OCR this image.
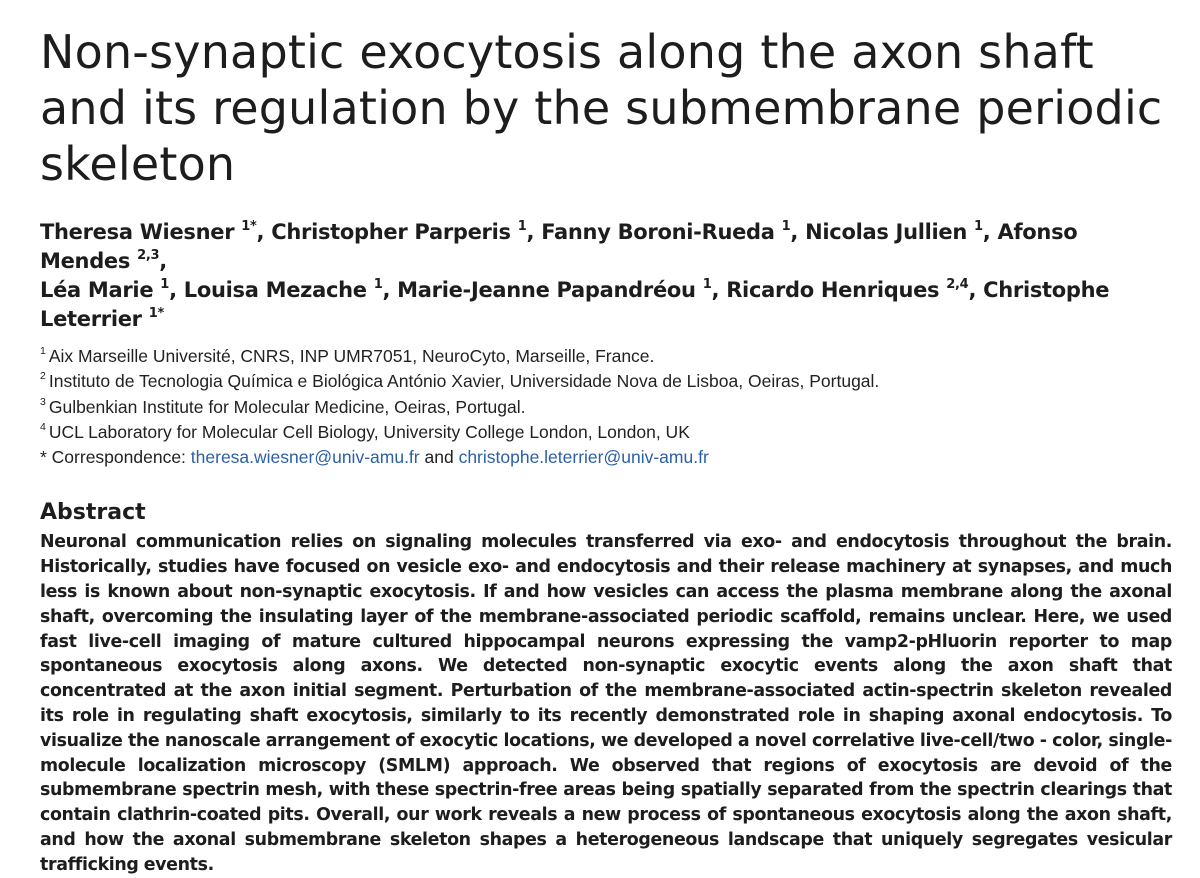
Non-synaptic exocytosis along the axon shaft and its regulation by the submembrane periodic skeleton
Theresa Wiesner $^{1*}$, Christopher Parperis $^1$, Fanny Boroni-Rueda $^1$, Nicolas Jullien $^1$, Afonso Mendes $^{2,3}$,
Léa Marie $^1$, Louisa Mezache $^1$, Marie-Jeanne Papandréou $^1$, Ricardo Henriques $^{2,4}$, Christophe Leterrier $^{1*}$
$^1$ Aix Marseille Université, CNRS, INP UMR7051, NeuroCyto, Marseille, France.
$^2$ Instituto de Tecnologia Química e Biológica António Xavier, Universidade Nova de Lisboa, Oeiras, Portugal.
$^3$ Gulbenkian Institute for Molecular Medicine, Oeiras, Portugal.
$^4$ UCL Laboratory for Molecular Cell Biology, University College London, London, UK
* Correspondence: theresa.wiesner@univ-amu.fr and christophe.leterrier@univ-amu.fr
Abstract

Neuronal communication relies on signaling molecules transferred via exo- and endocytosis throughout the brain. Historically, studies have focused on vesicle exo- and endocytosis and their release machinery at synapses, and much less is known about non-synaptic exocytosis. If and how vesicles can access the plasma membrane along the axonal shaft, overcoming the insulating layer of the membrane-associated periodic scaffold, remains unclear. Here, we used fast live-cell imaging of mature cultured hippocampal neurons expressing the vamp2-pHluorin reporter to map spontaneous exocytosis along axons. We detected non-synaptic exocytic events along the axon shaft that concentrated at the axon initial segment. Perturbation of the membrane-associated actin-spectrin skeleton revealed its role in regulating shaft exocytosis, similarly to its recently demonstrated role in shaping axonal endocytosis. To visualize the nanoscale arrangement of exocytic locations, we developed a novel correlative live-cell/two - color, single-molecule localization microscopy (SMLM) approach. We observed that regions of exocytosis are devoid of the submembrane spectrin mesh, with these spectrin-free areas being spatially separated from the spectrin clearings that contain clathrin-coated pits. Overall, our work reveals a new process of spontaneous exocytosis along the axon shaft, and how the axonal submembrane skeleton shapes a heterogeneous landscape that uniquely segregates vesicular trafficking events.
